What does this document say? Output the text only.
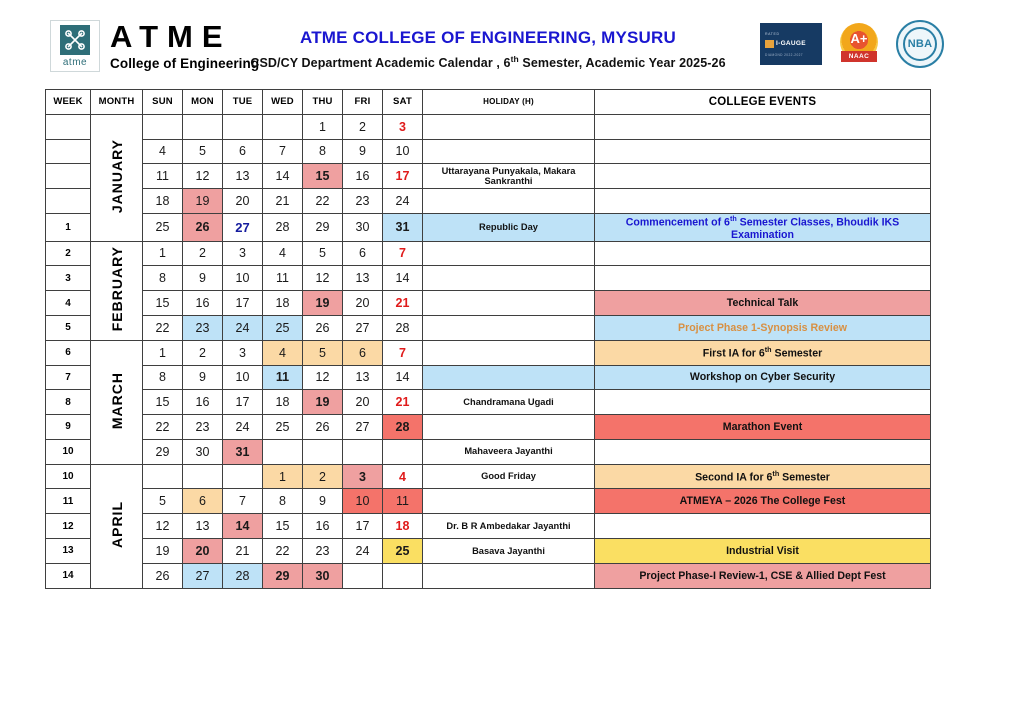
atme
ATME
College of Engineering
ATME COLLEGE OF ENGINEERING, MYSURU
CSD/CY Department Academic Calendar , 6th Semester, Academic Year 2025-26
RATED
I-GAUGE
DIAMOND 2022-2027
A+
NAAC
NBA
WEEK	MONTH	SUN	MON	TUE	WED	THU	FRI	SAT	HOLIDAY (H)	COLLEGE EVENTS
	JANUARY					1	2	3		
		4	5	6	7	8	9	10		
		11	12	13	14	15	16	17	Uttarayana Punyakala, Makara Sankranthi	
		18	19	20	21	22	23	24		
1		25	26	27	28	29	30	31	Republic Day	Commencement of 6th Semester Classes, Bhoudik IKS Examination
2	FEBRUARY	1	2	3	4	5	6	7		
3		8	9	10	11	12	13	14		
4		15	16	17	18	19	20	21		Technical Talk
5		22	23	24	25	26	27	28		Project Phase 1-Synopsis Review
6	MARCH	1	2	3	4	5	6	7		First IA for 6th Semester
7		8	9	10	11	12	13	14		Workshop on Cyber Security
8		15	16	17	18	19	20	21	Chandramana Ugadi	
9		22	23	24	25	26	27	28		Marathon Event
10		29	30	31					Mahaveera Jayanthi	
10	APRIL				1	2	3	4	Good Friday	Second IA for 6th Semester
11		5	6	7	8	9	10	11		ATMEYA – 2026 The College Fest
12		12	13	14	15	16	17	18	Dr. B R Ambedakar Jayanthi	
13		19	20	21	22	23	24	25	Basava Jayanthi	Industrial Visit
14		26	27	28	29	30				Project Phase-I Review-1, CSE & Allied Dept Fest
